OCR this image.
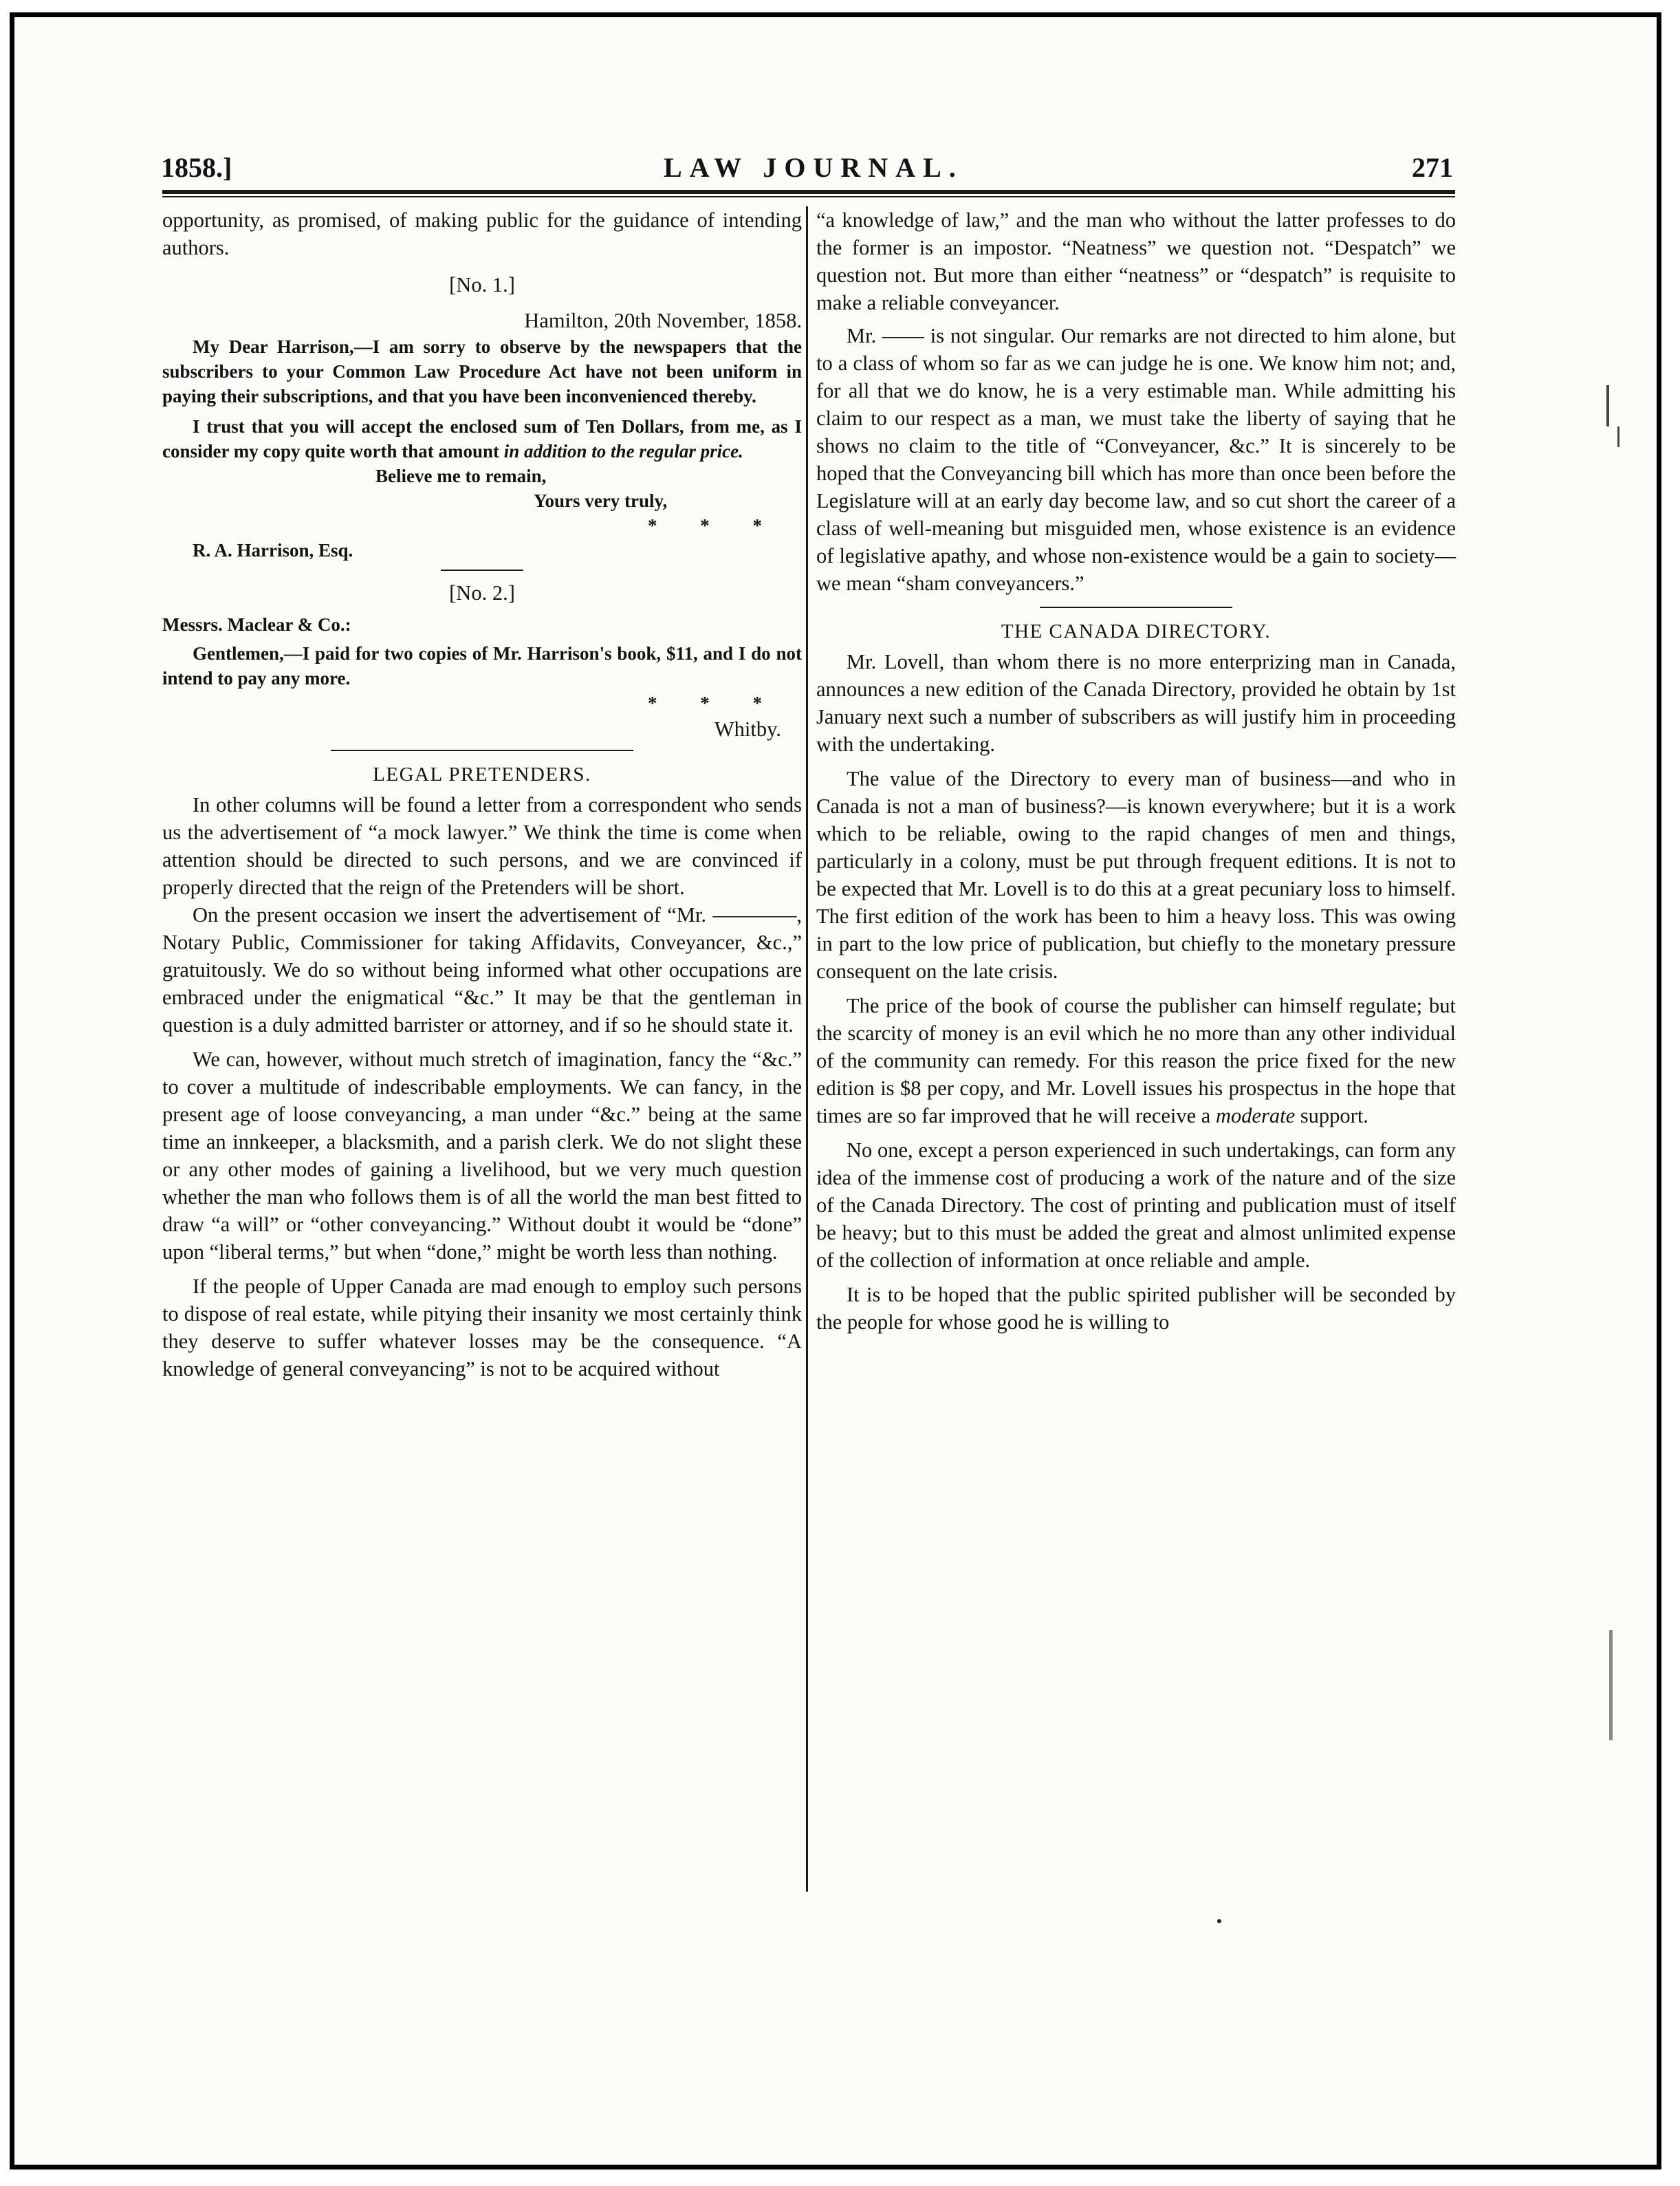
1858.]	LAW JOURNAL.	271

opportunity, as promised, of making public for the guidance of intending authors.

[No. 1.]

Hamilton, 20th November, 1858.

My Dear Harrison,—I am sorry to observe by the newspapers that the subscribers to your Common Law Procedure Act have not been uniform in paying their subscriptions, and that you have been inconvenienced thereby.

I trust that you will accept the enclosed sum of Ten Dollars, from me, as I consider my copy quite worth that amount in addition to the regular price.

Believe me to remain,

Yours very truly,

* * *

R. A. Harrison, Esq.

[No. 2.]

Messrs. Maclear & Co.:

Gentlemen,—I paid for two copies of Mr. Harrison's book, $11, and I do not intend to pay any more.

* * *

Whitby.

LEGAL PRETENDERS.

In other columns will be found a letter from a correspondent who sends us the advertisement of “a mock lawyer.” We think the time is come when attention should be directed to such persons, and we are convinced if properly directed that the reign of the Pretenders will be short.

On the present occasion we insert the advertisement of “Mr. ————, Notary Public, Commissioner for taking Affidavits, Conveyancer, &c.,” gratuitously. We do so without being informed what other occupations are embraced under the enigmatical “&c.” It may be that the gentleman in question is a duly admitted barrister or attorney, and if so he should state it.

We can, however, without much stretch of imagination, fancy the “&c.” to cover a multitude of indescribable employments. We can fancy, in the present age of loose conveyancing, a man under “&c.” being at the same time an innkeeper, a blacksmith, and a parish clerk. We do not slight these or any other modes of gaining a livelihood, but we very much question whether the man who follows them is of all the world the man best fitted to draw “a will” or “other conveyancing.” Without doubt it would be “done” upon “liberal terms,” but when “done,” might be worth less than nothing.

If the people of Upper Canada are mad enough to employ such persons to dispose of real estate, while pitying their insanity we most certainly think they deserve to suffer whatever losses may be the consequence. “A knowledge of general conveyancing” is not to be acquired without

“a knowledge of law,” and the man who without the latter professes to do the former is an impostor. “Neatness” we question not. “Despatch” we question not. But more than either “neatness” or “despatch” is requisite to make a reliable conveyancer.

Mr. —— is not singular. Our remarks are not directed to him alone, but to a class of whom so far as we can judge he is one. We know him not; and, for all that we do know, he is a very estimable man. While admitting his claim to our respect as a man, we must take the liberty of saying that he shows no claim to the title of “Conveyancer, &c.” It is sincerely to be hoped that the Conveyancing bill which has more than once been before the Legislature will at an early day become law, and so cut short the career of a class of well-meaning but misguided men, whose existence is an evidence of legislative apathy, and whose non-existence would be a gain to society—we mean “sham conveyancers.”

THE CANADA DIRECTORY.

Mr. Lovell, than whom there is no more enterprizing man in Canada, announces a new edition of the Canada Directory, provided he obtain by 1st January next such a number of subscribers as will justify him in proceeding with the undertaking.

The value of the Directory to every man of business—and who in Canada is not a man of business?—is known everywhere; but it is a work which to be reliable, owing to the rapid changes of men and things, particularly in a colony, must be put through frequent editions. It is not to be expected that Mr. Lovell is to do this at a great pecuniary loss to himself. The first edition of the work has been to him a heavy loss. This was owing in part to the low price of publication, but chiefly to the monetary pressure consequent on the late crisis.

The price of the book of course the publisher can himself regulate; but the scarcity of money is an evil which he no more than any other individual of the community can remedy. For this reason the price fixed for the new edition is $8 per copy, and Mr. Lovell issues his prospectus in the hope that times are so far improved that he will receive a moderate support.

No one, except a person experienced in such undertakings, can form any idea of the immense cost of producing a work of the nature and of the size of the Canada Directory. The cost of printing and publication must of itself be heavy; but to this must be added the great and almost unlimited expense of the collection of information at once reliable and ample.

It is to be hoped that the public spirited publisher will be seconded by the people for whose good he is willing to
